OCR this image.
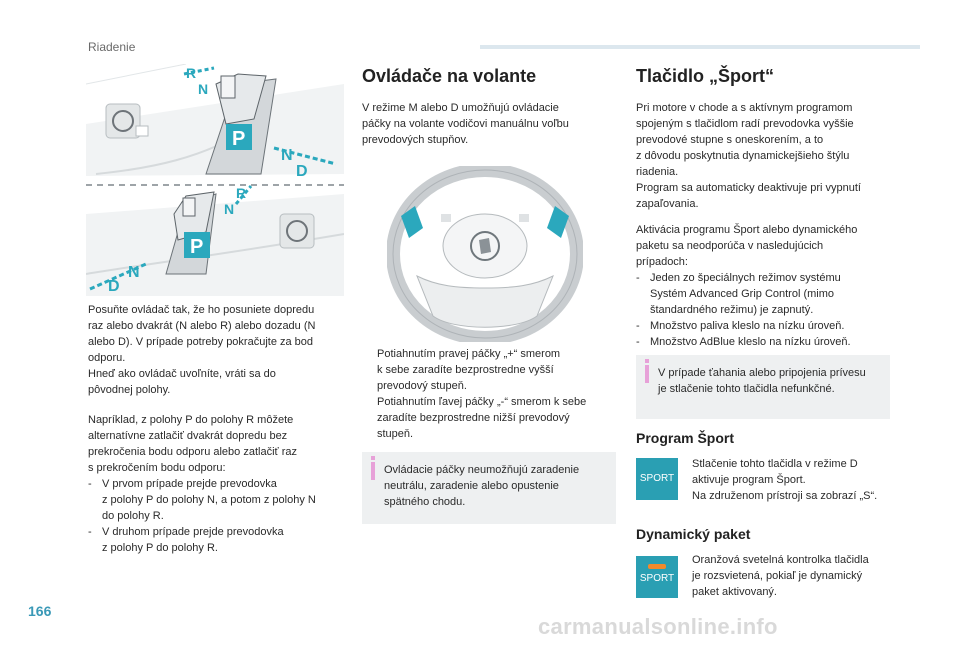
Riadenie
P
R
N
N
D
P
R
N
N
D

Posuňte ovládač tak, že ho posuniete dopredu
raz alebo dvakrát (N alebo R) alebo dozadu (N
alebo D). V prípade potreby pokračujte za bod
odporu.
Hneď ako ovládač uvoľníte, vráti sa do
pôvodnej polohy.

Napríklad, z polohy P do polohy R môžete
alternatívne zatlačiť dvakrát dopredu bez
prekročenia bodu odporu alebo zatlačiť raz
s prekročením bodu odporu:

- V prvom prípade prejde prevodovka
z polohy P do polohy N, a potom z polohy N
do polohy R.
- V druhom prípade prejde prevodovka
z polohy P do polohy R.
Ovládače na volante
V režime M alebo D umožňujú ovládacie
páčky na volante vodičovi manuálnu voľbu
prevodových stupňov.
Potiahnutím pravej páčky „+“ smerom
k sebe zaradíte bezprostredne vyšší
prevodový stupeň.
Potiahnutím ľavej páčky „-“ smerom k sebe
zaradíte bezprostredne nižší prevodový
stupeň.
Ovládacie páčky neumožňujú zaradenie
neutrálu, zaradenie alebo opustenie
spätného chodu.
Tlačidlo „Šport“

Pri motore v chode a s aktívnym programom
spojeným s tlačidlom radí prevodovka vyššie
prevodové stupne s oneskorením, a to
z dôvodu poskytnutia dynamickejšieho štýlu
riadenia.
Program sa automaticky deaktivuje pri vypnutí
zapaľovania.

Aktivácia programu Šport alebo dynamického
paketu sa neodporúča v nasledujúcich
prípadoch:

- Jeden zo špeciálnych režimov systému
Systém Advanced Grip Control (mimo
štandardného režimu) je zapnutý.
- Množstvo paliva kleslo na nízku úroveň.
- Množstvo AdBlue kleslo na nízku úroveň.
V prípade ťahania alebo pripojenia prívesu
je stlačenie tohto tlačidla nefunkčné.
Program Šport
SPORT
Stlačenie tohto tlačidla v režime D
aktivuje program Šport.
Na združenom prístroji sa zobrazí „S“.
Dynamický paket
SPORT
Oranžová svetelná kontrolka tlačidla
je rozsvietená, pokiaľ je dynamický
paket aktivovaný.
166
carmanualsonline.info
